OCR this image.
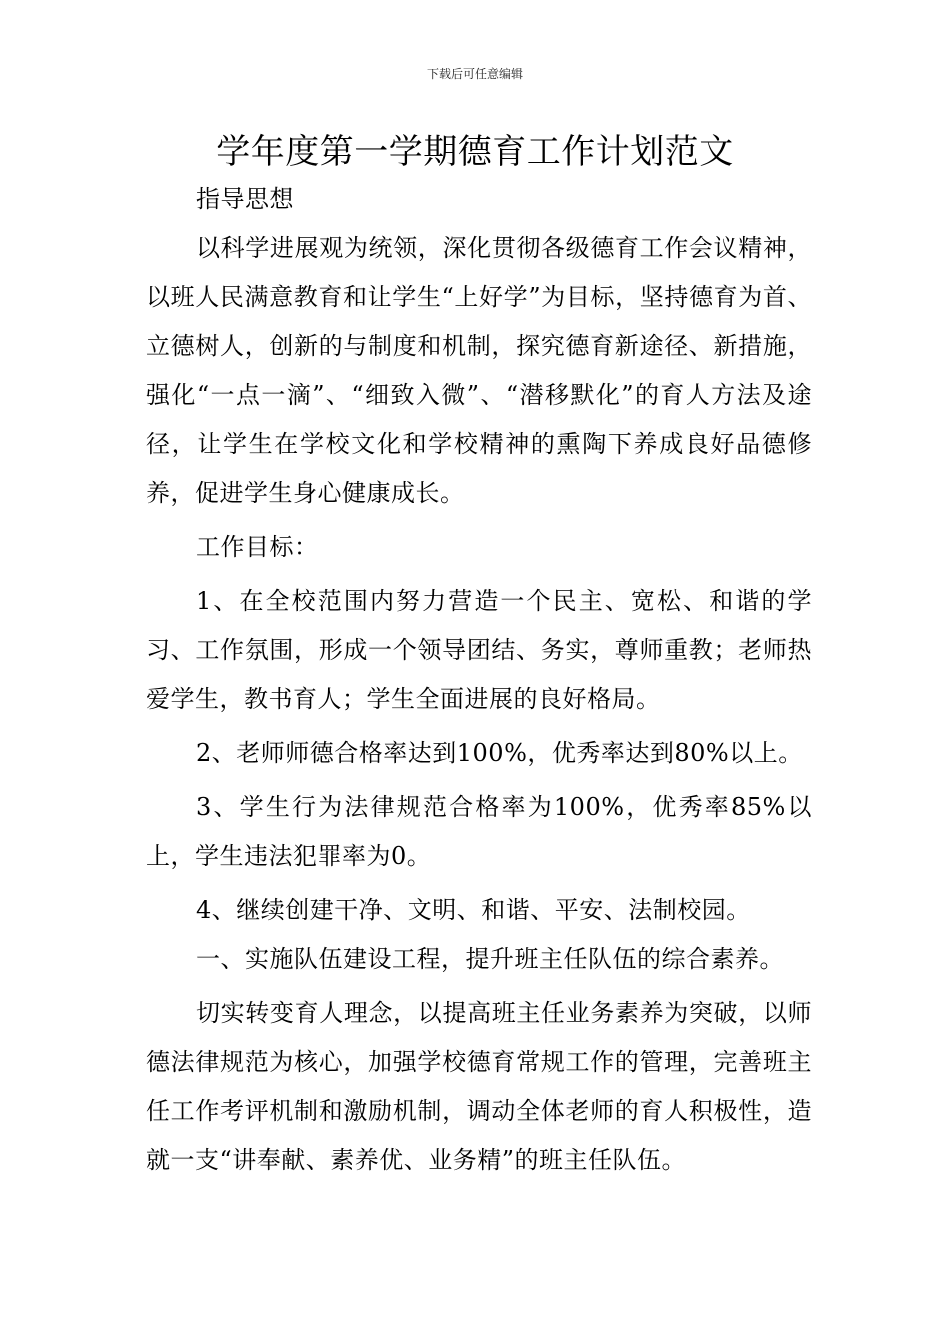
下载后可任意编辑
学年度第一学期德育工作计划范文

指导思想

以科学进展观为统领，深化贯彻各级德育工作会议精神，以班人民满意教育和让学生“上好学”为目标，坚持德育为首、立德树人，创新的与制度和机制，探究德育新途径、新措施，强化“一点一滴”、“细致入微”、“潜移默化”的育人方法及途径，让学生在学校文化和学校精神的熏陶下养成良好品德修养，促进学生身心健康成长。

工作目标：

1、在全校范围内努力营造一个民主、宽松、和谐的学习、工作氛围，形成一个领导团结、务实，尊师重教；老师热爱学生，教书育人；学生全面进展的良好格局。

2、老师师德合格率达到100%，优秀率达到80%以上。

3、学生行为法律规范合格率为100%，优秀率85%以上，学生违法犯罪率为0。

4、继续创建干净、文明、和谐、平安、法制校园。

一、实施队伍建设工程，提升班主任队伍的综合素养。

切实转变育人理念，以提高班主任业务素养为突破，以师德法律规范为核心，加强学校德育常规工作的管理，完善班主任工作考评机制和激励机制，调动全体老师的育人积极性，造就一支“讲奉献、素养优、业务精”的班主任队伍。
